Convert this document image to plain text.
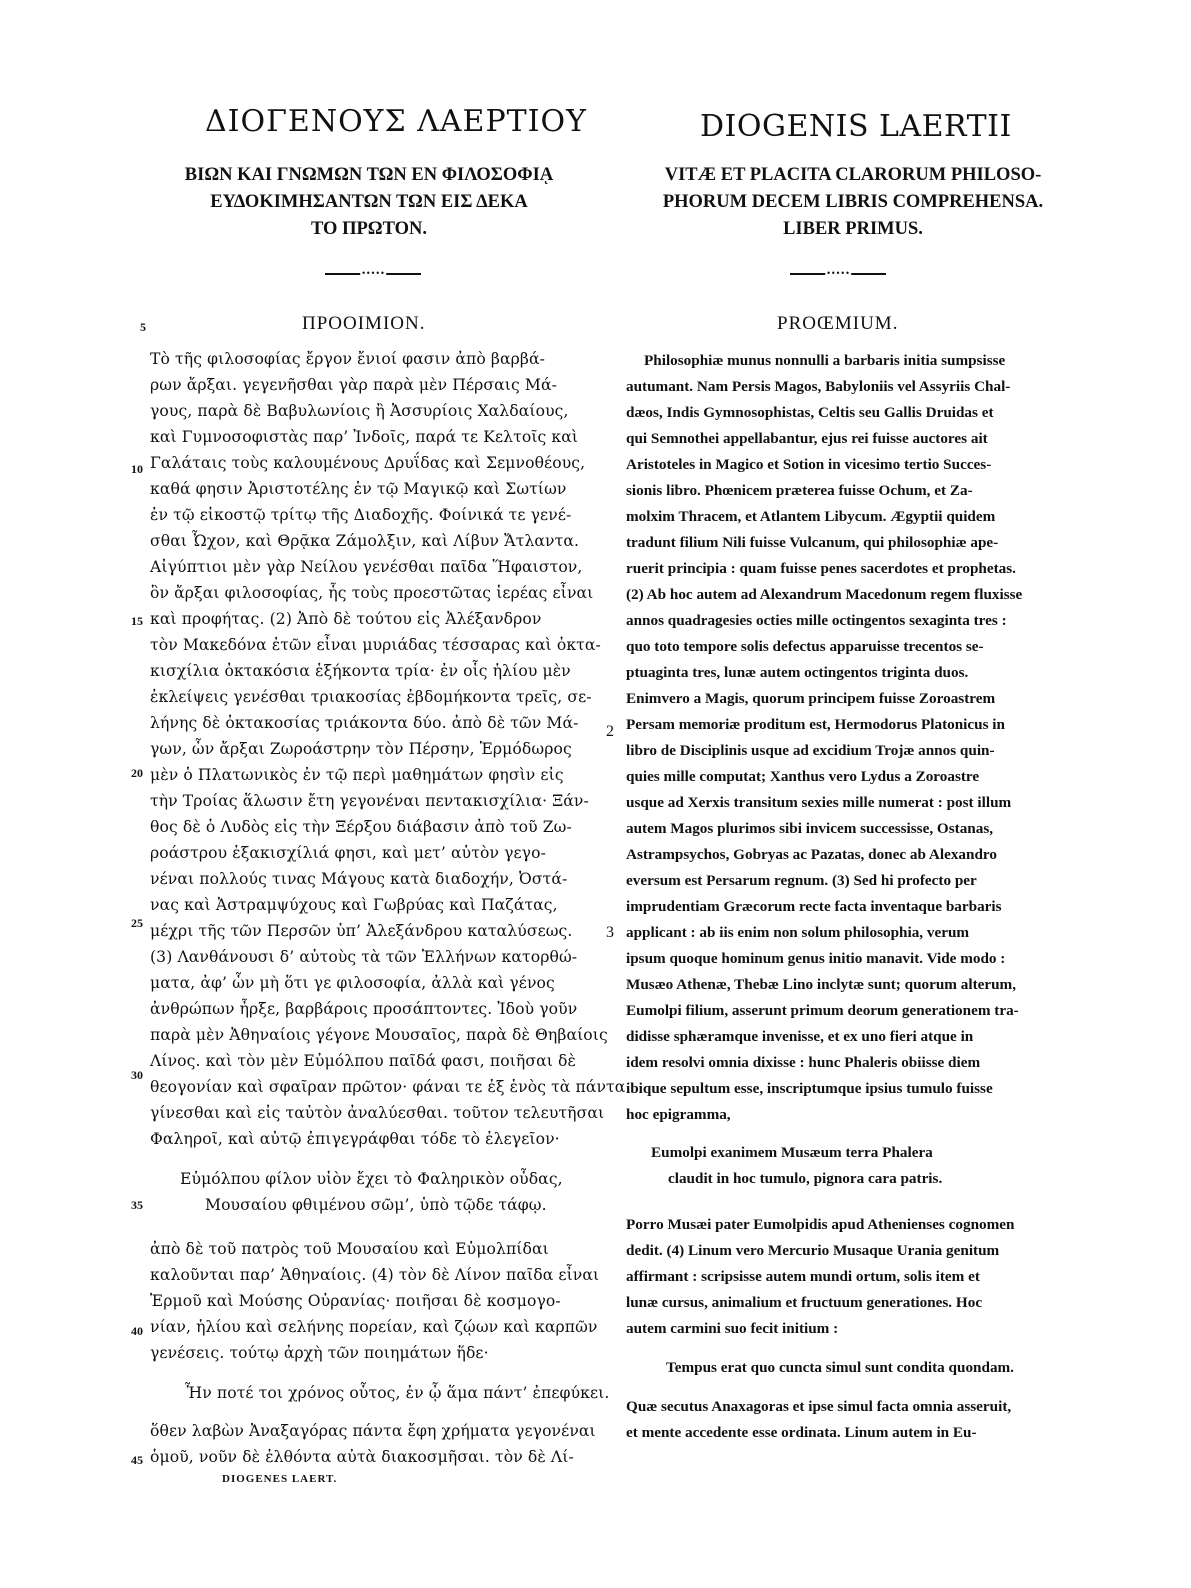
ΔΙΟΓΕΝΟΥΣ ΛΑΕΡΤΙΟΥ	DIOGENIS LAERTII
ΒΙΩΝ ΚΑΙ ΓΝΩΜΩΝ ΤΩΝ ΕΝ ΦΙΛΟΣΟΦΙᾼ
ΕΥΔΟΚΙΜΗΣΑΝΤΩΝ ΤΩΝ ΕΙΣ ΔΕΚΑ
ΤΟ ΠΡΩΤΟΝ.
VITÆ ET PLACITA CLARORUM PHILOSO-
PHORUM DECEM LIBRIS COMPREHENSA.
LIBER PRIMUS.
•••••	•••••
ΠΡΟΟΙΜΙΟΝ.	PROŒMIUM.
5
10
15
20
25
30
35
40
45
2
3
Τὸ τῆς φιλοσοφίας ἔργον ἔνιοί φασιν ἀπὸ βαρβά-
ρων ἄρξαι. γεγενῆσθαι γὰρ παρὰ μὲν Πέρσαις Μά-
γους, παρὰ δὲ Βαβυλωνίοις ἢ Ἀσσυρίοις Χαλδαίους,
καὶ Γυμνοσοφιστὰς παρ’ Ἰνδοῖς, παρά τε Κελτοῖς καὶ
Γαλάταις τοὺς καλουμένους Δρυΐδας καὶ Σεμνοθέους,
καθά φησιν Ἀριστοτέλης ἐν τῷ Μαγικῷ καὶ Σωτίων
ἐν τῷ εἰκοστῷ τρίτῳ τῆς Διαδοχῆς. Φοίνικά τε γενέ-
σθαι Ὦχον, καὶ Θρᾷκα Ζάμολξιν, καὶ Λίβυν Ἄτλαντα.
Αἰγύπτιοι μὲν γὰρ Νείλου γενέσθαι παῖδα Ἥφαιστον,
ὃν ἄρξαι φιλοσοφίας, ἧς τοὺς προεστῶτας ἱερέας εἶναι
καὶ προφήτας. (2) Ἀπὸ δὲ τούτου εἰς Ἀλέξανδρον
τὸν Μακεδόνα ἐτῶν εἶναι μυριάδας τέσσαρας καὶ ὀκτα-
κισχίλια ὀκτακόσια ἑξήκοντα τρία· ἐν οἷς ἡλίου μὲν
ἐκλείψεις γενέσθαι τριακοσίας ἑβδομήκοντα τρεῖς, σε-
λήνης δὲ ὀκτακοσίας τριάκοντα δύο. ἀπὸ δὲ τῶν Μά-
γων, ὧν ἄρξαι Ζωροάστρην τὸν Πέρσην, Ἑρμόδωρος
μὲν ὁ Πλατωνικὸς ἐν τῷ περὶ μαθημάτων φησὶν εἰς
τὴν Τροίας ἅλωσιν ἔτη γεγονέναι πεντακισχίλια· Ξάν-
θος δὲ ὁ Λυδὸς εἰς τὴν Ξέρξου διάβασιν ἀπὸ τοῦ Ζω-
ροάστρου ἑξακισχίλιά φησι, καὶ μετ’ αὐτὸν γεγο-
νέναι πολλούς τινας Μάγους κατὰ διαδοχήν, Ὀστά-
νας καὶ Ἀστραμψύχους καὶ Γωβρύας καὶ Παζάτας,
μέχρι τῆς τῶν Περσῶν ὑπ’ Ἀλεξάνδρου καταλύσεως.
(3) Λανθάνουσι δ’ αὐτοὺς τὰ τῶν Ἑλλήνων κατορθώ-
ματα, ἀφ’ ὧν μὴ ὅτι γε φιλοσοφία, ἀλλὰ καὶ γένος
ἀνθρώπων ἦρξε, βαρβάροις προσάπτοντες. Ἰδοὺ γοῦν
παρὰ μὲν Ἀθηναίοις γέγονε Μουσαῖος, παρὰ δὲ Θηβαίοις
Λίνος. καὶ τὸν μὲν Εὐμόλπου παῖδά φασι, ποιῆσαι δὲ
θεογονίαν καὶ σφαῖραν πρῶτον· φάναι τε ἐξ ἑνὸς τὰ πάντα
γίνεσθαι καὶ εἰς ταὐτὸν ἀναλύεσθαι. τοῦτον τελευτῆσαι
Φαληροῖ, καὶ αὐτῷ ἐπιγεγράφθαι τόδε τὸ ἐλεγεῖον·
Εὐμόλπου φίλον υἱὸν ἔχει τὸ Φαληρικὸν οὖδας,
Μουσαίου φθιμένου σῶμ’, ὑπὸ τῷδε τάφῳ.
ἀπὸ δὲ τοῦ πατρὸς τοῦ Μουσαίου καὶ Εὐμολπίδαι
καλοῦνται παρ’ Ἀθηναίοις. (4) τὸν δὲ Λίνον παῖδα εἶναι
Ἑρμοῦ καὶ Μούσης Οὐρανίας· ποιῆσαι δὲ κοσμογο-
νίαν, ἡλίου καὶ σελήνης πορείαν, καὶ ζῴων καὶ καρπῶν
γενέσεις. τούτῳ ἀρχὴ τῶν ποιημάτων ἥδε·
Ἦν ποτέ τοι χρόνος οὗτος, ἐν ᾧ ἅμα πάντ’ ἐπεφύκει.
ὅθεν λαβὼν Ἀναξαγόρας πάντα ἔφη χρήματα γεγονέναι
ὁμοῦ, νοῦν δὲ ἐλθόντα αὐτὰ διακοσμῆσαι. τὸν δὲ Λί-
DIOGENES LAERT.
Philosophiæ munus nonnulli a barbaris initia sumpsisse
autumant. Nam Persis Magos, Babyloniis vel Assyriis Chal-
dæos, Indis Gymnosophistas, Celtis seu Gallis Druidas et
qui Semnothei appellabantur, ejus rei fuisse auctores ait
Aristoteles in Magico et Sotion in vicesimo tertio Succes-
sionis libro. Phœnicem præterea fuisse Ochum, et Za-
molxim Thracem, et Atlantem Libycum. Ægyptii quidem
tradunt filium Nili fuisse Vulcanum, qui philosophiæ ape-
ruerit principia : quam fuisse penes sacerdotes et prophetas.
(2) Ab hoc autem ad Alexandrum Macedonum regem fluxisse
annos quadragesies octies mille octingentos sexaginta tres :
quo toto tempore solis defectus apparuisse trecentos se-
ptuaginta tres, lunæ autem octingentos triginta duos.
Enimvero a Magis, quorum principem fuisse Zoroastrem
Persam memoriæ proditum est, Hermodorus Platonicus in
libro de Disciplinis usque ad excidium Trojæ annos quin-
quies mille computat; Xanthus vero Lydus a Zoroastre
usque ad Xerxis transitum sexies mille numerat : post illum
autem Magos plurimos sibi invicem successisse, Ostanas,
Astrampsychos, Gobryas ac Pazatas, donec ab Alexandro
eversum est Persarum regnum. (3) Sed hi profecto per
imprudentiam Græcorum recte facta inventaque barbaris
applicant : ab iis enim non solum philosophia, verum
ipsum quoque hominum genus initio manavit. Vide modo :
Musæo Athenæ, Thebæ Lino inclytæ sunt; quorum alterum,
Eumolpi filium, asserunt primum deorum generationem tra-
didisse sphæramque invenisse, et ex uno fieri atque in
idem resolvi omnia dixisse : hunc Phaleris obiisse diem
ibique sepultum esse, inscriptumque ipsius tumulo fuisse
hoc epigramma,
Eumolpi exanimem Musæum terra Phalera
claudit in hoc tumulo, pignora cara patris.
Porro Musæi pater Eumolpidis apud Athenienses cognomen
dedit. (4) Linum vero Mercurio Musaque Urania genitum
affirmant : scripsisse autem mundi ortum, solis item et
lunæ cursus, animalium et fructuum generationes. Hoc
autem carmini suo fecit initium :
Tempus erat quo cuncta simul sunt condita quondam.
Quæ secutus Anaxagoras et ipse simul facta omnia asseruit,
et mente accedente esse ordinata. Linum autem in Eu-
